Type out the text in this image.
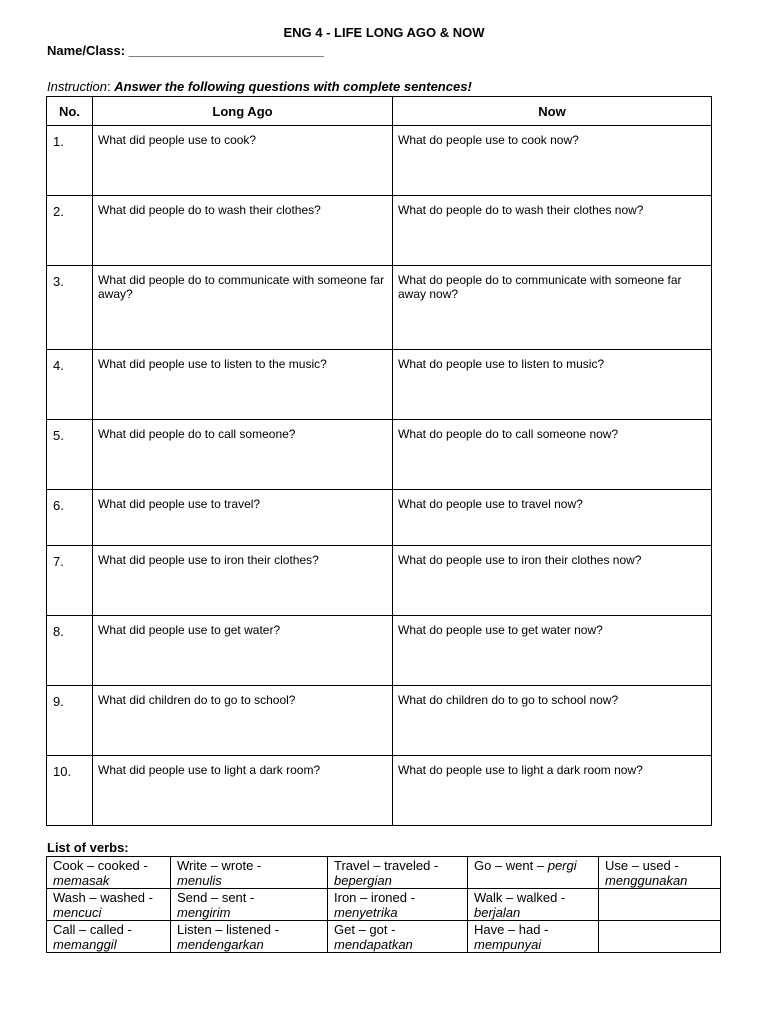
ENG 4 - LIFE LONG AGO & NOW
Name/Class: ___________________________
Instruction: Answer the following questions with complete sentences!
No.	Long Ago	Now
1.	What did people use to cook?	What do people use to cook now?
2.	What did people do to wash their clothes?	What do people do to wash their clothes now?
3.	What did people do to communicate with someone far away?	What do people do to communicate with someone far away now?
4.	What did people use to listen to the music?	What do people use to listen to music?
5.	What did people do to call someone?	What do people do to call someone now?
6.	What did people use to travel?	What do people use to travel now?
7.	What did people use to iron their clothes?	What do people use to iron their clothes now?
8.	What did people use to get water?	What do people use to get water now?
9.	What did children do to go to school?	What do children do to go to school now?
10.	What did people use to light a dark room?	What do people use to light a dark room now?
List of verbs:
Cook – cooked -
memasak	Write – wrote -
menulis	Travel – traveled -
bepergian	Go – went – pergi	Use – used -
menggunakan

Wash – washed -
mencuci	Send – sent -
mengirim	Iron – ironed -
menyetrika	Walk – walked -
berjalan	

Call – called -
memanggil	Listen – listened -
mendengarkan	Get – got -
mendapatkan	Have – had -
mempunyai	
